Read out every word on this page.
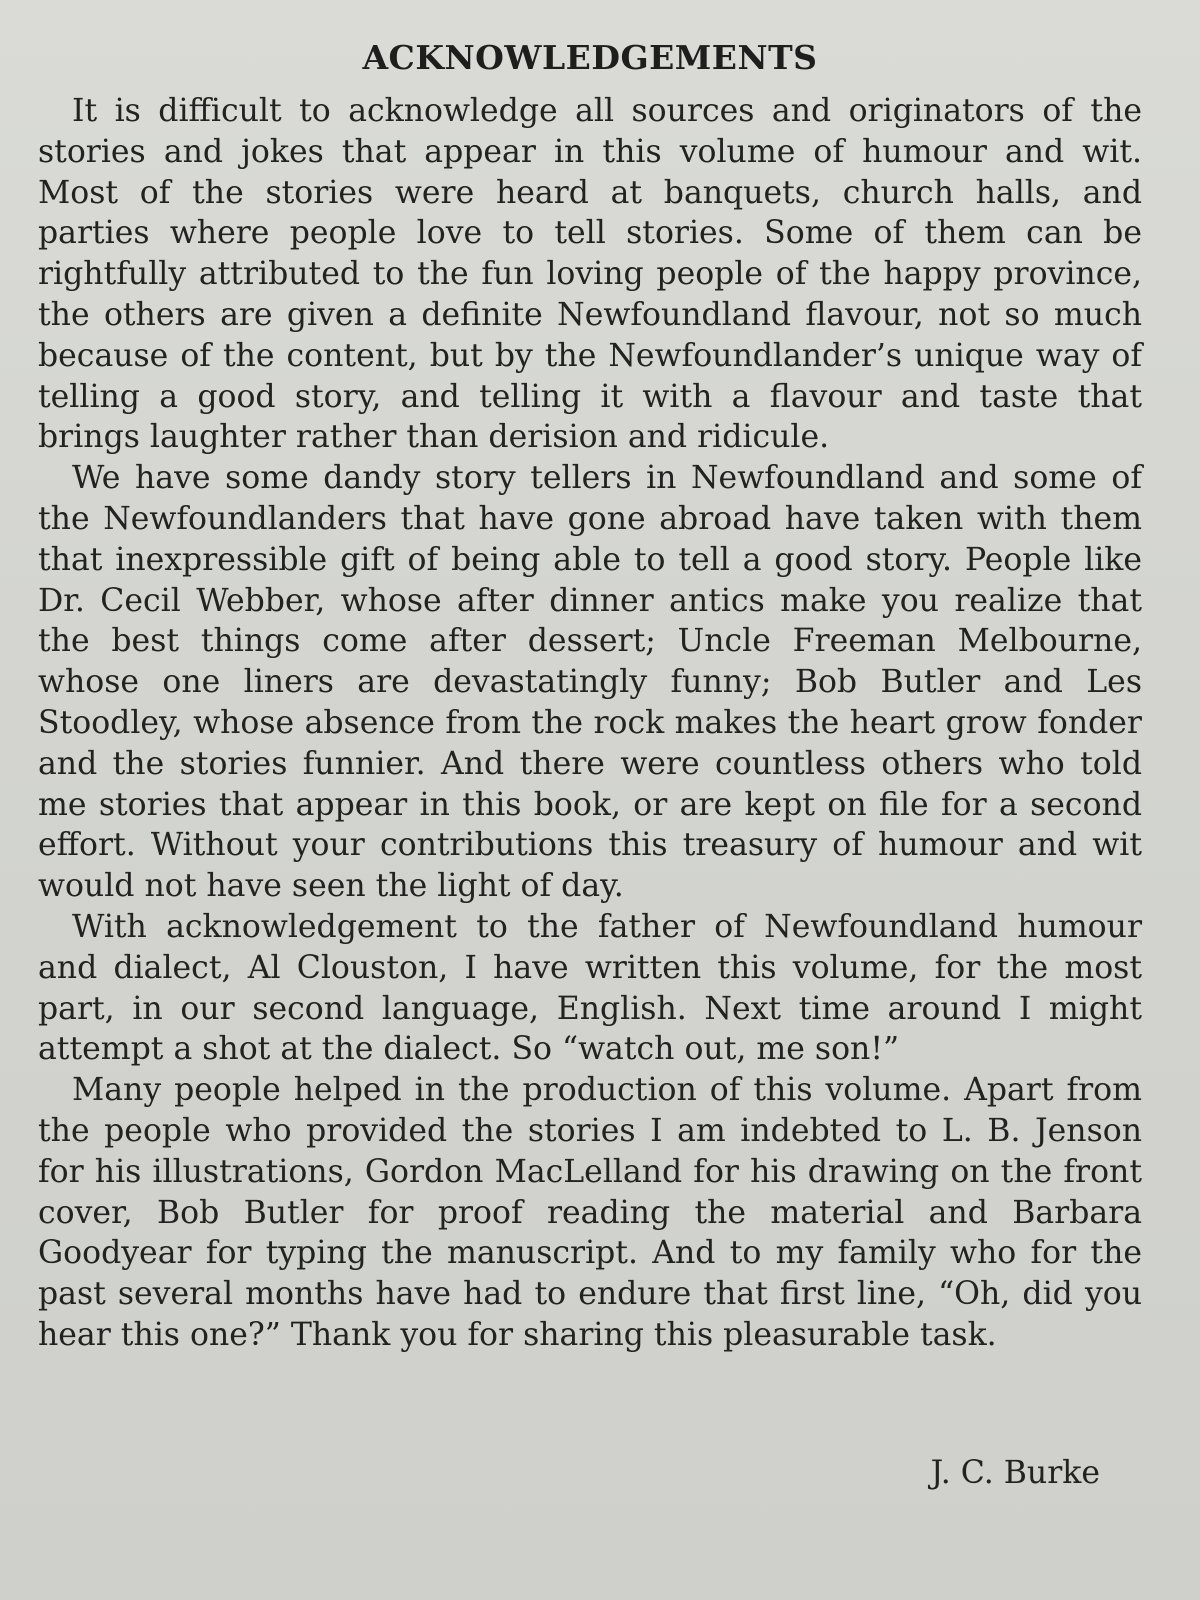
ACKNOWLEDGEMENTS

It is difficult to acknowledge all sources and originators of the stories and jokes that appear in this volume of humour and wit. Most of the stories were heard at banquets, church halls, and parties where people love to tell stories. Some of them can be rightfully attributed to the fun loving people of the happy province, the others are given a definite Newfoundland flavour, not so much because of the content, but by the Newfoundlander’s unique way of telling a good story, and telling it with a flavour and taste that brings laughter rather than derision and ridicule.

We have some dandy story tellers in Newfoundland and some of the Newfoundlanders that have gone abroad have taken with them that inexpressible gift of being able to tell a good story. People like Dr. Cecil Webber, whose after dinner antics make you realize that the best things come after dessert; Uncle Freeman Melbourne, whose one liners are devastatingly funny; Bob Butler and Les Stoodley, whose absence from the rock makes the heart grow fonder and the stories funnier. And there were countless others who told me stories that appear in this book, or are kept on file for a second effort. Without your contributions this treasury of humour and wit would not have seen the light of day.

With acknowledgement to the father of Newfoundland humour and dialect, Al Clouston, I have written this volume, for the most part, in our second language, English. Next time around I might attempt a shot at the dialect. So “watch out, me son!”

Many people helped in the production of this volume. Apart from the people who provided the stories I am indebted to L. B. Jenson for his illustrations, Gordon MacLelland for his drawing on the front cover, Bob Butler for proof reading the material and Barbara Goodyear for typing the manuscript. And to my family who for the past several months have had to endure that first line, “Oh, did you hear this one?” Thank you for sharing this pleasurable task.

J. C. Burke
